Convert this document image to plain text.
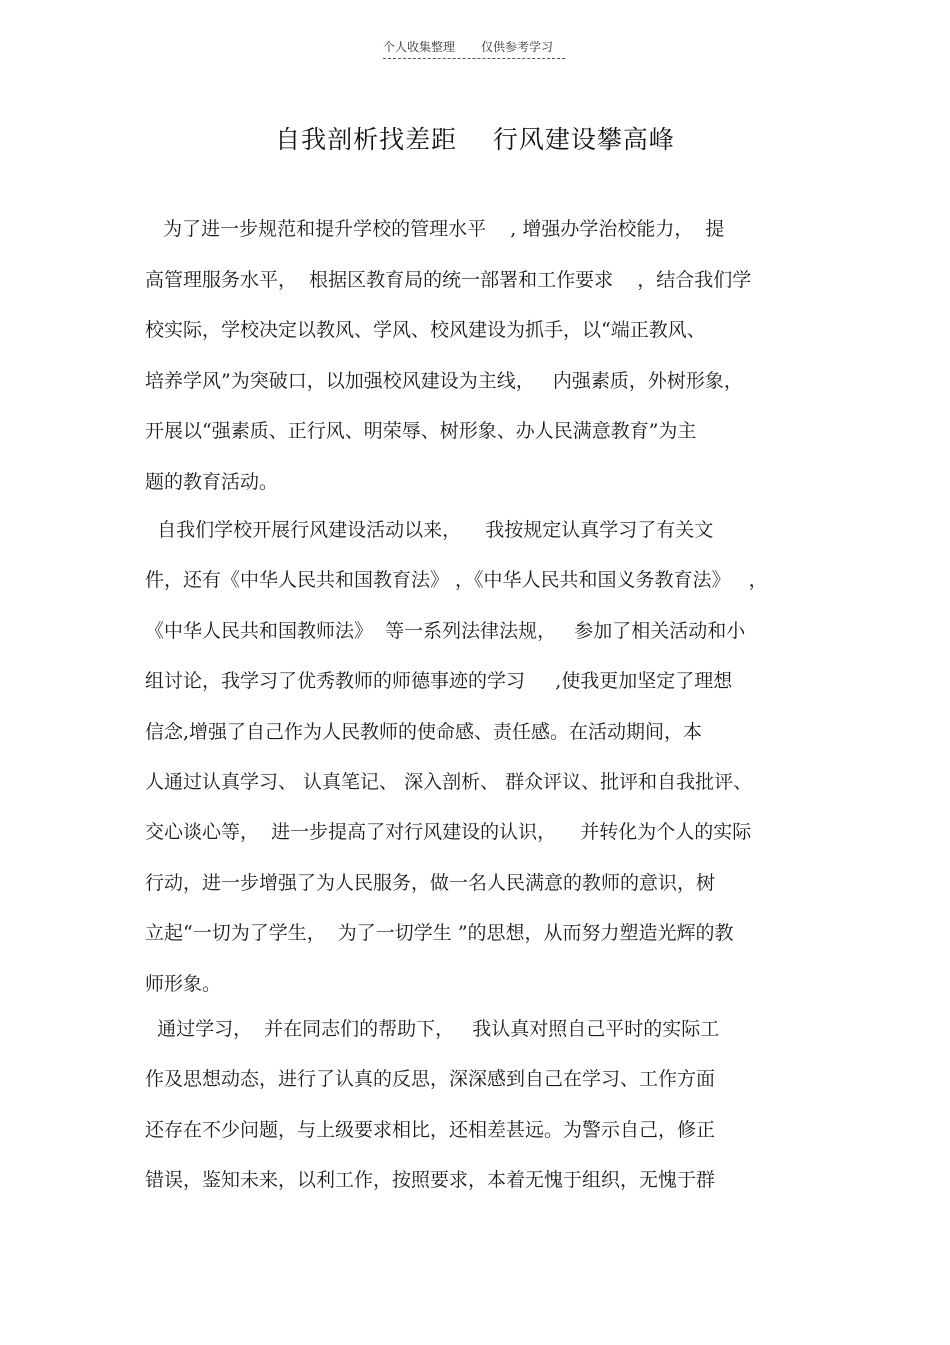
个人收集整理 仅供参考学习
自我剖析找差距    行风建设攀高峰
为了进一步规范和提升学校的管理水平    , 增强办学治校能力，  提
高管理服务水平，  根据区教育局的统一部署和工作要求    ，结合我们学
校实际，学校决定以教风、学风、校风建设为抓手，以“端正教风、
培养学风”为突破口，以加强校风建设为主线，   内强素质，外树形象，
开展以“强素质、正行风、明荣辱、树形象、办人民满意教育”为主
题的教育活动。
自我们学校开展行风建设活动以来，    我按规定认真学习了有关文
件，还有《中华人民共和国教育法》 ，《中华人民共和国义务教育法》   ，
《中华人民共和国教师法》  等一系列法律法规，   参加了相关活动和小
组讨论，我学习了优秀教师的师德事迹的学习     ,使我更加坚定了理想
信念,增强了自己作为人民教师的使命感、责任感。在活动期间，本
人通过认真学习、 认真笔记、 深入剖析、 群众评议、批评和自我批评、
交心谈心等，  进一步提高了对行风建设的认识，    并转化为个人的实际
行动，进一步增强了为人民服务，做一名人民满意的教师的意识，树
立起“一切为了学生，  为了一切学生 ”的思想，从而努力塑造光辉的教
师形象。
通过学习，  并在同志们的帮助下，   我认真对照自己平时的实际工
作及思想动态，进行了认真的反思，深深感到自己在学习、工作方面
还存在不少问题，与上级要求相比，还相差甚远。为警示自己，修正
错误，鉴知未来，以利工作，按照要求，本着无愧于组织，无愧于群
